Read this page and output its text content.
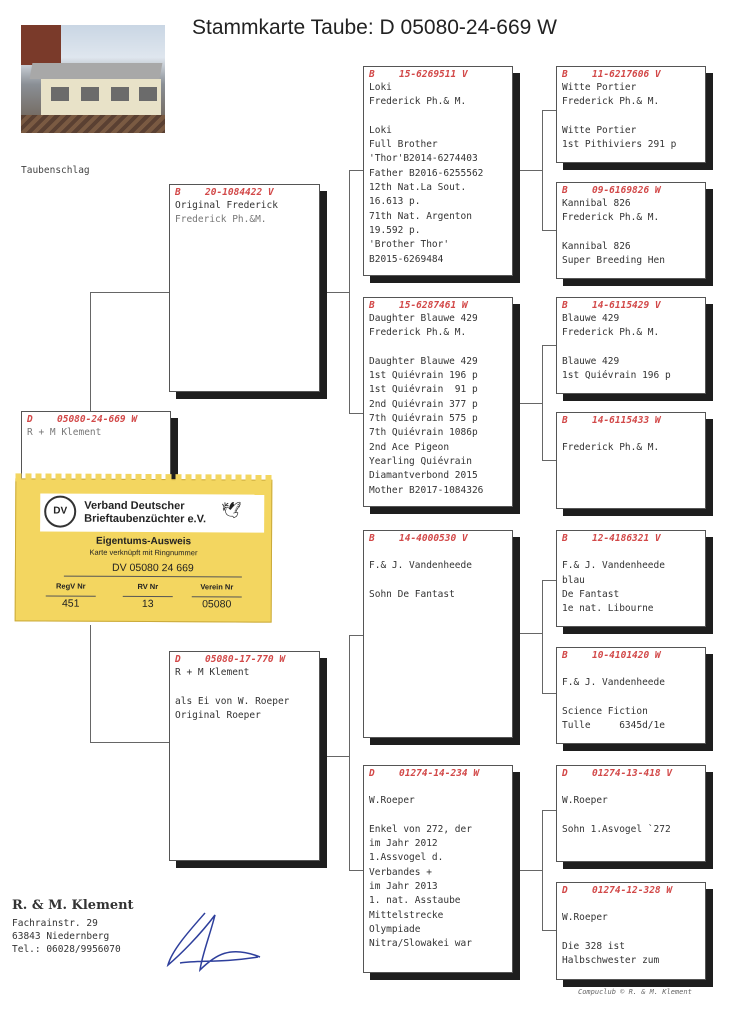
Stammkarte Taube: D 05080-24-669 W
Taubenschlag
D	05080-24-669 W
R + M Klement
B	20-1084422 V
Original Frederick
Frederick Ph.&M.
D	05080-17-770 W
R + M Klement
als Ei von W. Roeper
Original Roeper
B	15-6269511 V
Loki
Frederick Ph.& M.
Loki
Full Brother
'Thor'B2014-6274403
Father B2016-6255562
12th Nat.La Sout.
16.613 p.
71th Nat. Argenton
19.592 p.
'Brother Thor'
B2015-6269484
B	15-6287461 W
Daughter Blauwe 429
Frederick Ph.& M.
Daughter Blauwe 429
1st Quiévrain 196 p
1st Quiévrain  91 p
2nd Quiévrain 377 p
7th Quiévrain 575 p
7th Quiévrain 1086p
2nd Ace Pigeon
Yearling Quiévrain
Diamantverbond 2015
Mother B2017-1084326
B	14-4000530 V
F.& J. Vandenheede
Sohn De Fantast
D	01274-14-234 W
W.Roeper
Enkel von 272, der
im Jahr 2012
1.Assvogel d.
Verbandes +
im Jahr 2013
1. nat. Asstaube
Mittelstrecke
Olympiade
Nitra/Slowakei war
B	11-6217606 V
Witte Portier
Frederick Ph.& M.
Witte Portier
1st Pithiviers 291 p
B	09-6169826 W
Kannibal 826
Frederick Ph.& M.
Kannibal 826
Super Breeding Hen
B	14-6115429 V
Blauwe 429
Frederick Ph.& M.
Blauwe 429
1st Quiévrain 196 p
B	14-6115433 W
Frederick Ph.& M.
B	12-4186321 V
F.& J. Vandenheede
blau
De Fantast
1e nat. Libourne
B	10-4101420 W
F.& J. Vandenheede
Science Fiction
Tulle     6345d/1e
D	01274-13-418 V
W.Roeper
Sohn 1.Asvogel `272
D	01274-12-328 W
W.Roeper
Die 328 ist
Halbschwester zum
DV	Verband Deutscher
Brieftaubenzüchter e.V. 🕊
Eigentums-Ausweis
Karte verknüpft mit Ringnummer
DV 05080 24 669
RegV Nr	RV Nr	Verein Nr
451	13	05080
R. & M. Klement
Fachrainstr. 29
63843 Niedernberg
Tel.: 06028/9956070
Compuclub © R. & M. Klement
